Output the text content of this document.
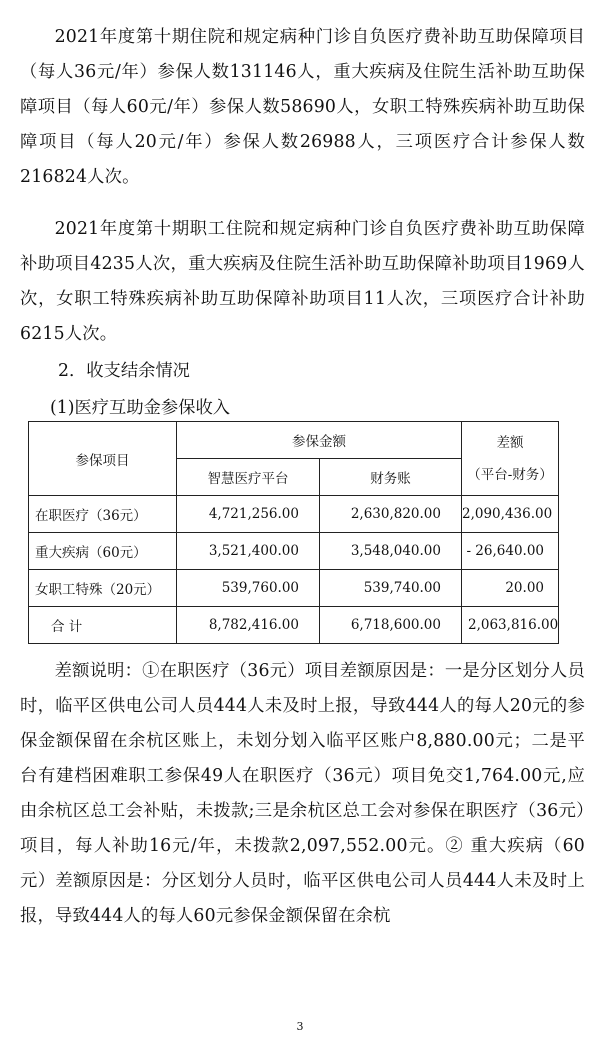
2021年度第十期住院和规定病种门诊自负医疗费补助互助保障项目（每人36元/年）参保人数131146人，重大疾病及住院生活补助互助保障项目（每人60元/年）参保人数58690人，女职工特殊疾病补助互助保障项目（每人20元/年）参保人数26988人，三项医疗合计参保人数216824人次。

2021年度第十期职工住院和规定病种门诊自负医疗费补助互助保障补助项目4235人次，重大疾病及住院生活补助互助保障补助项目1969人次，女职工特殊疾病补助互助保障补助项目11人次，三项医疗合计补助6215人次。

2．收支结余情况
(1)医疗互助金参保收入
参保项目	参保金额		差额
（平台-财务）

	智慧医疗平台	财务账	
在职医疗（36元）	4,721,256.00	2,630,820.00	2,090,436.00
重大疾病（60元）	3,521,400.00	3,548,040.00	- 26,640.00
女职工特殊（20元）	539,760.00	539,740.00	20.00
合 计	8,782,416.00	6,718,600.00	2,063,816.00

差额说明：①在职医疗（36元）项目差额原因是：一是分区划分人员时，临平区供电公司人员444人未及时上报，导致444人的每人20元的参保金额保留在余杭区账上，未划分划入临平区账户8,880.00元；二是平台有建档困难职工参保49人在职医疗（36元）项目免交1,764.00元,应由余杭区总工会补贴，未拨款;三是余杭区总工会对参保在职医疗（36元）项目，每人补助16元/年，未拨款2,097,552.00元。② 重大疾病（60元）差额原因是：分区划分人员时，临平区供电公司人员444人未及时上报，导致444人的每人60元参保金额保留在余杭

3
